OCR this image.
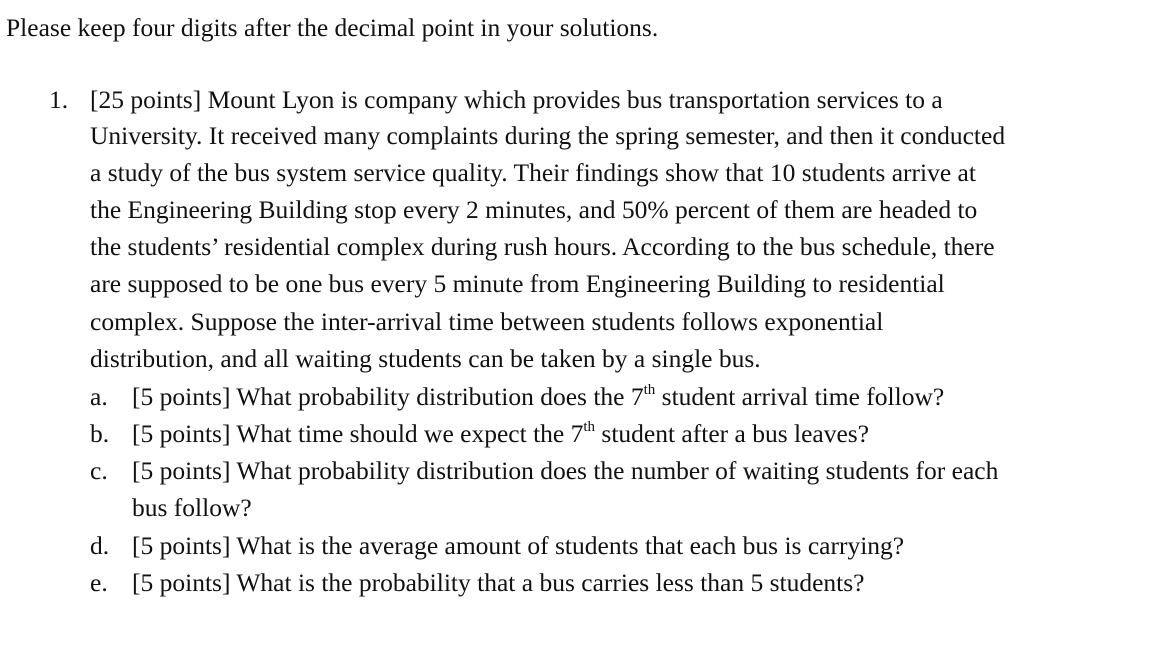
Please keep four digits after the decimal point in your solutions.
1. [25 points] Mount Lyon is company which provides bus transportation services to a
University. It received many complaints during the spring semester, and then it conducted
a study of the bus system service quality. Their findings show that 10 students arrive at
the Engineering Building stop every 2 minutes, and 50% percent of them are headed to
the students’ residential complex during rush hours. According to the bus schedule, there
are supposed to be one bus every 5 minute from Engineering Building to residential
complex. Suppose the inter-arrival time between students follows exponential
distribution, and all waiting students can be taken by a single bus.
a. [5 points] What probability distribution does the 7th student arrival time follow?
b. [5 points] What time should we expect the 7th student after a bus leaves?
c. [5 points] What probability distribution does the number of waiting students for each
bus follow?
d. [5 points] What is the average amount of students that each bus is carrying?
e. [5 points] What is the probability that a bus carries less than 5 students?
